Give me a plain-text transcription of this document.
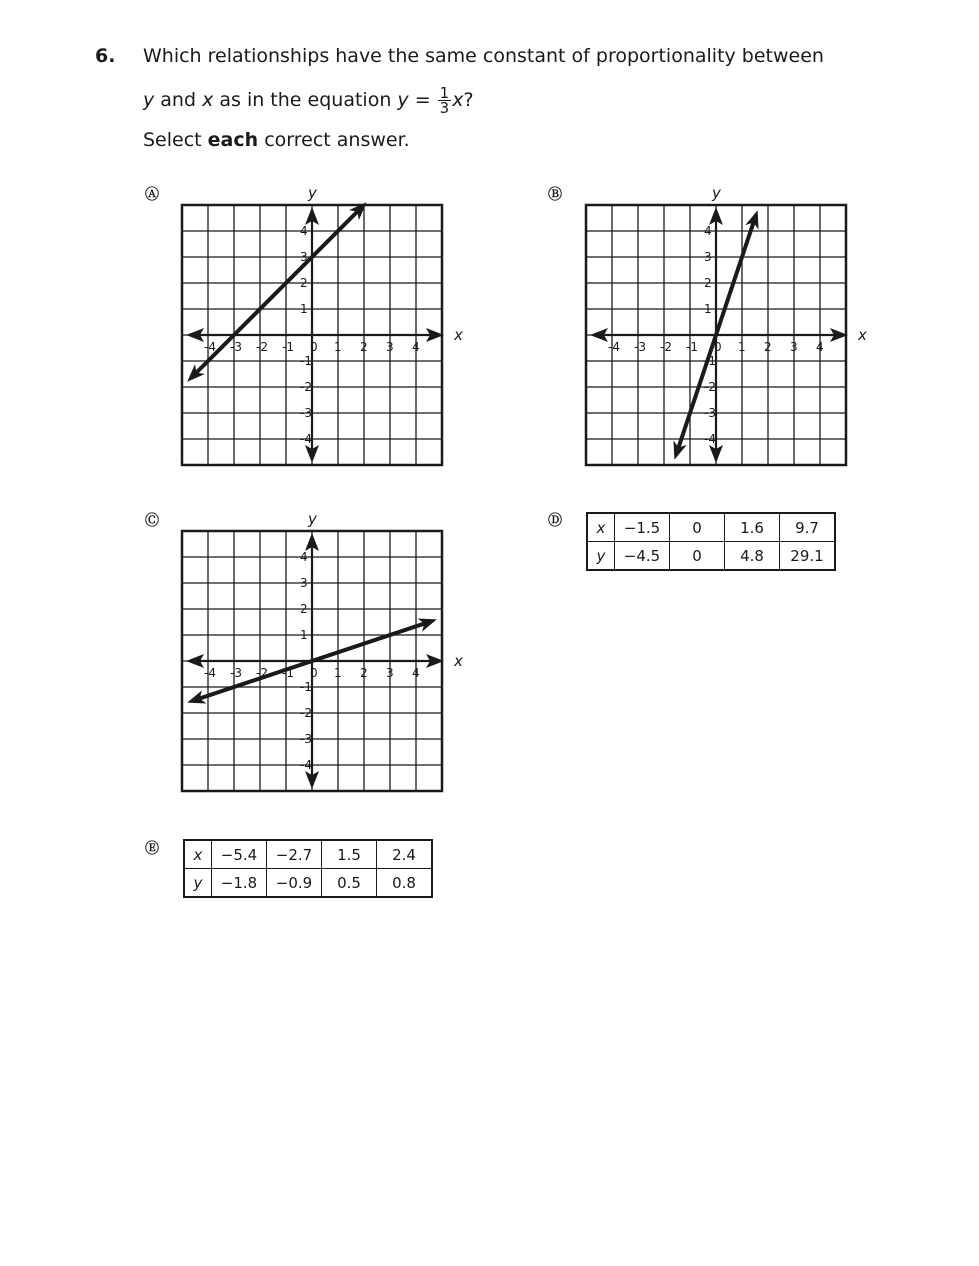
6. Which relationships have the same constant of proportionality between
y and x as in the equation $y = \frac{1}{3} x$?
Select each correct answer.
Ⓐ
x
y
-4 -3 -2 -1 0 1 2 3 4
4
3
2
1
-1
-2
-3
-4
Ⓑ
x
y
-4 -3 -2 -1 0 1 2 3 4
4
3
2
1
-1
-2
-3
-4
Ⓒ
x
y
-4 -3 -2 -1 0 1 2 3 4
4
3
2
1
-1
-2
-3
-4
Ⓓ x	−1.5	0	1.6	9.7
y	−4.5	0	4.8	29.1
Ⓔ x	−5.4	−2.7	1.5	2.4
y	−1.8	−0.9	0.5	0.8
